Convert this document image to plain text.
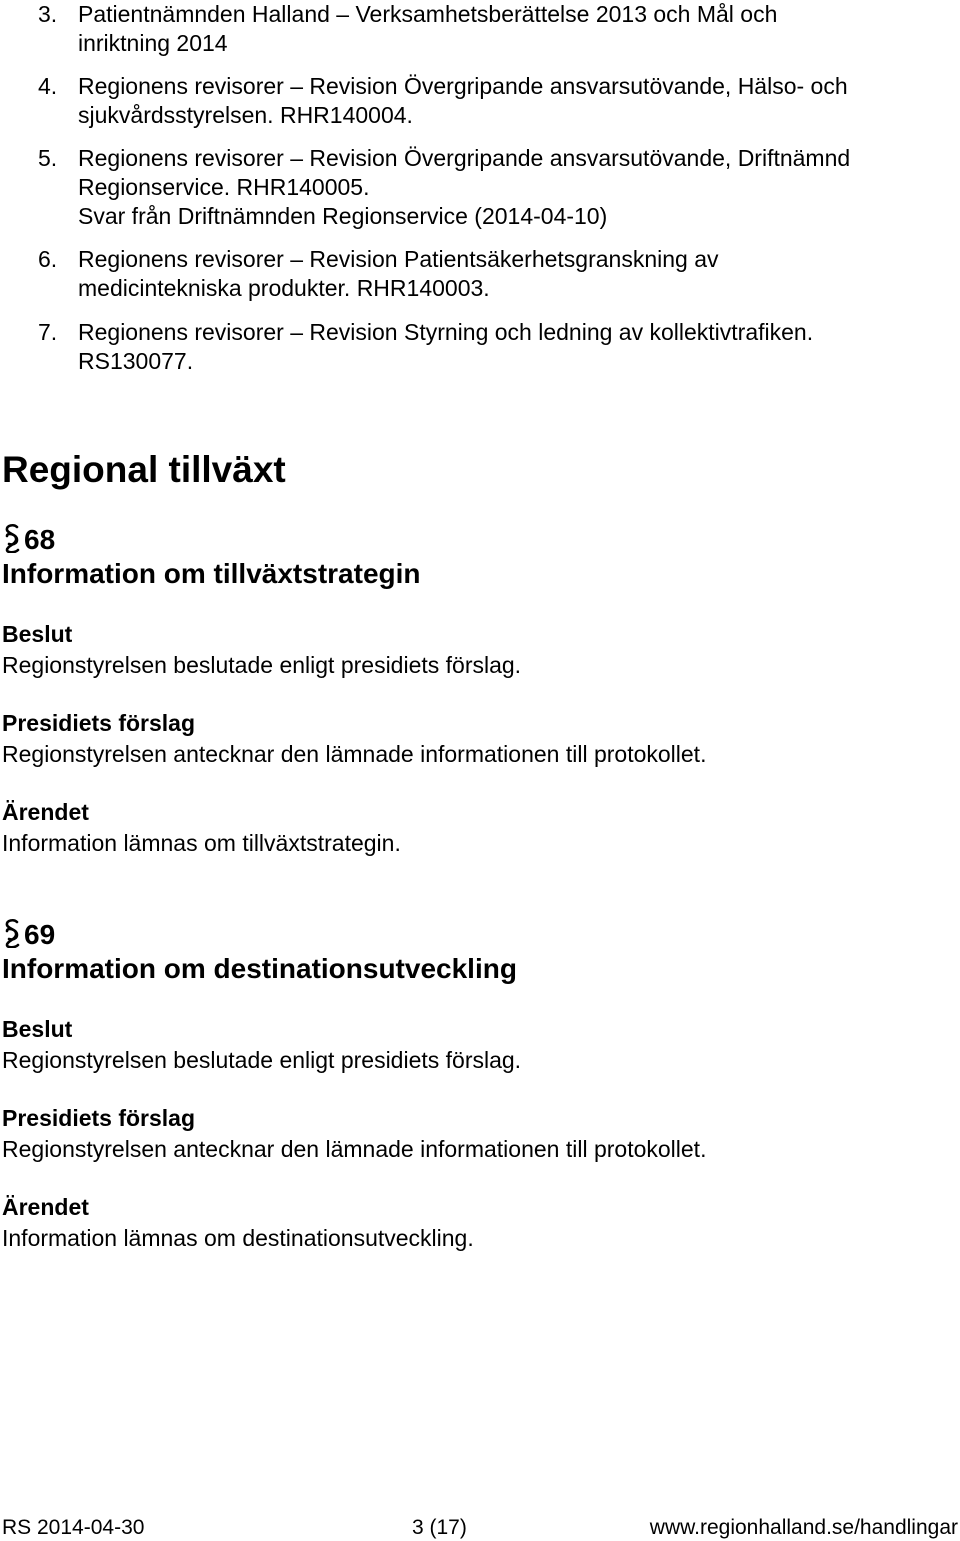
3. Patientnämnden Halland – Verksamhetsberättelse 2013 och Mål och
inriktning 2014
4. Regionens revisorer – Revision Övergripande ansvarsutövande, Hälso- och
sjukvårdsstyrelsen. RHR140004.
5. Regionens revisorer – Revision Övergripande ansvarsutövande, Driftnämnd
Regionservice. RHR140005.
Svar från Driftnämnden Regionservice (2014-04-10)
6. Regionens revisorer – Revision Patientsäkerhetsgranskning av
medicintekniska produkter. RHR140003.
7. Regionens revisorer – Revision Styrning och ledning av kollektivtrafiken.
RS130077.
Regional tillväxt
68
Information om tillväxtstrategin
Beslut
Regionstyrelsen beslutade enligt presidiets förslag.
Presidiets förslag
Regionstyrelsen antecknar den lämnade informationen till protokollet.
Ärendet
Information lämnas om tillväxtstrategin.
69
Information om destinationsutveckling
Beslut
Regionstyrelsen beslutade enligt presidiets förslag.
Presidiets förslag
Regionstyrelsen antecknar den lämnade informationen till protokollet.
Ärendet
Information lämnas om destinationsutveckling.
RS 2014-04-30	3 (17)	www.regionhalland.se/handlingar
